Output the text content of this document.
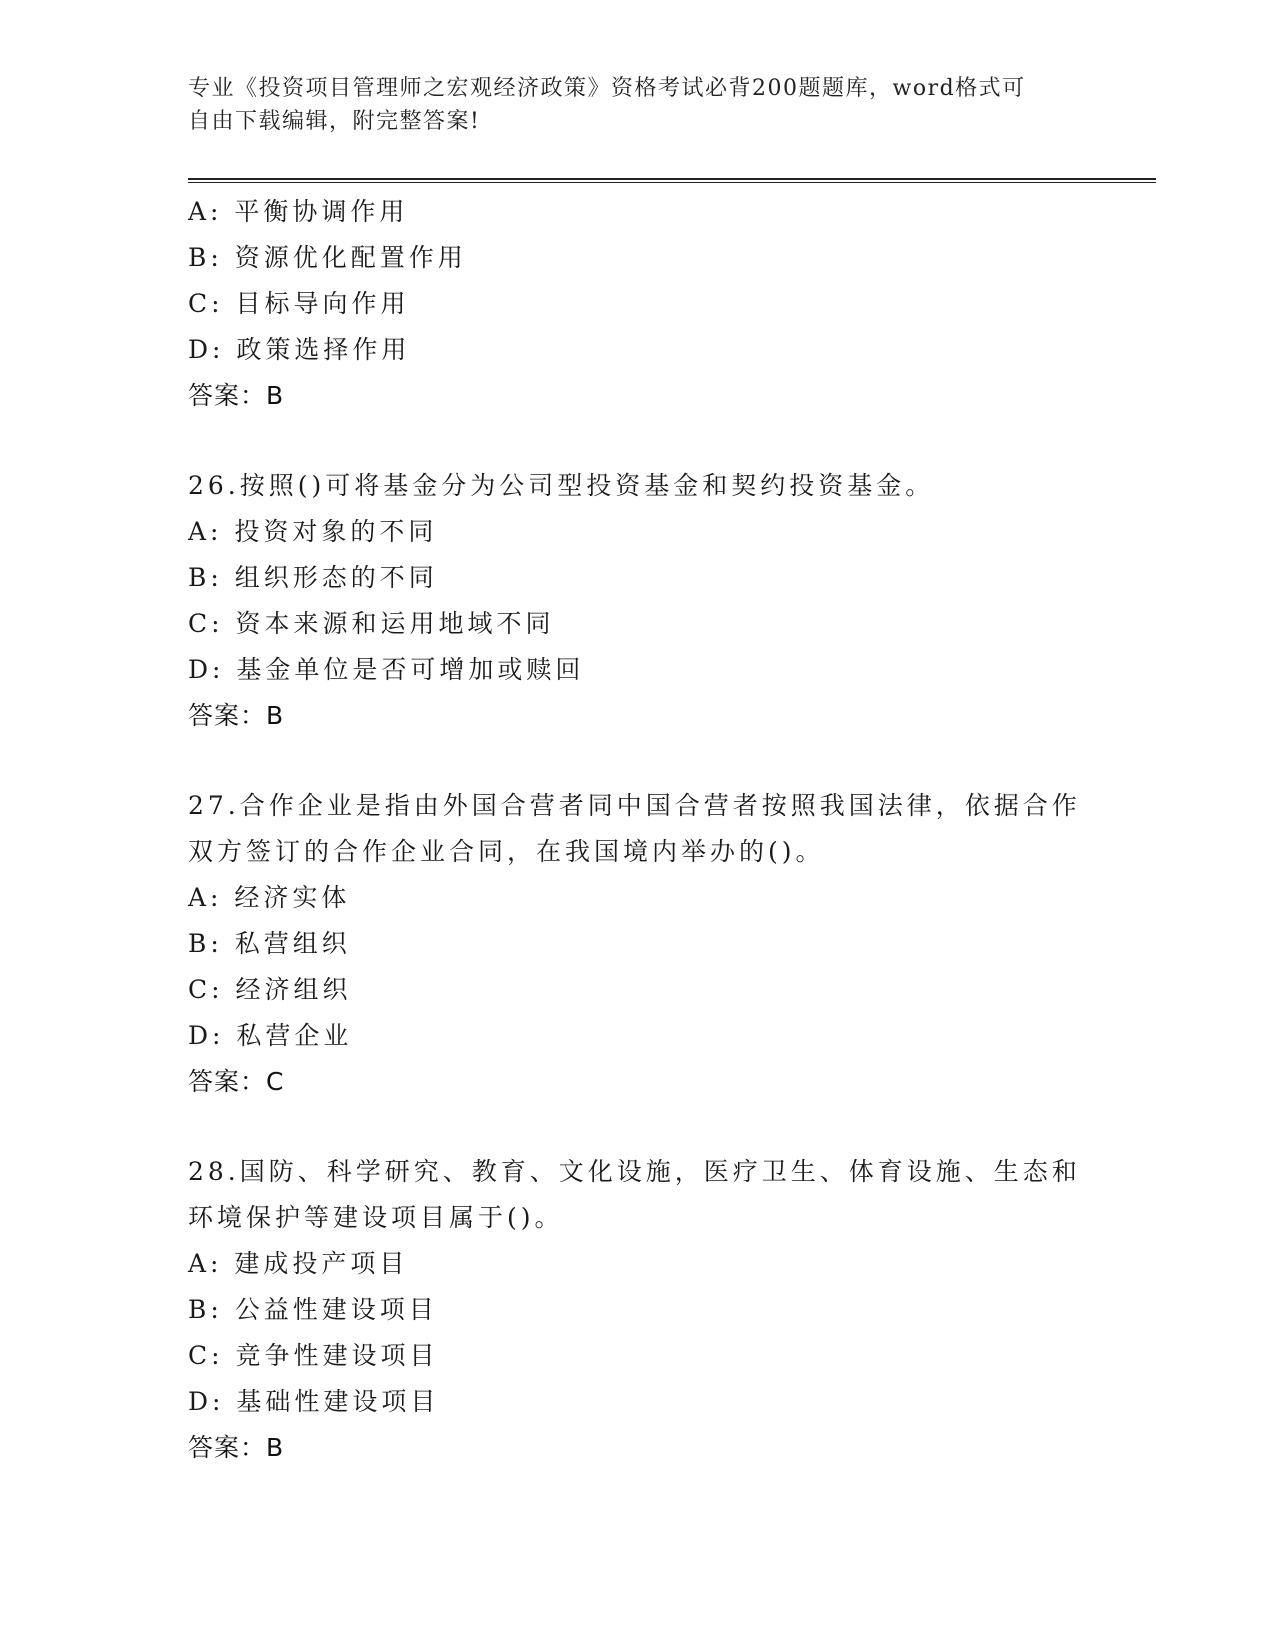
专业《投资项目管理师之宏观经济政策》资格考试必背200题题库，word格式可
自由下载编辑，附完整答案!
A: 平衡协调作用
B: 资源优化配置作用
C: 目标导向作用
D: 政策选择作用
答案：B
26.按照()可将基金分为公司型投资基金和契约投资基金。
A: 投资对象的不同
B: 组织形态的不同
C: 资本来源和运用地域不同
D: 基金单位是否可增加或赎回
答案：B
27.合作企业是指由外国合营者同中国合营者按照我国法律，依据合作
双方签订的合作企业合同，在我国境内举办的()。
A: 经济实体
B: 私营组织
C: 经济组织
D: 私营企业
答案：C
28.国防、科学研究、教育、文化设施，医疗卫生、体育设施、生态和
环境保护等建设项目属于()。
A: 建成投产项目
B: 公益性建设项目
C: 竞争性建设项目
D: 基础性建设项目
答案：B
